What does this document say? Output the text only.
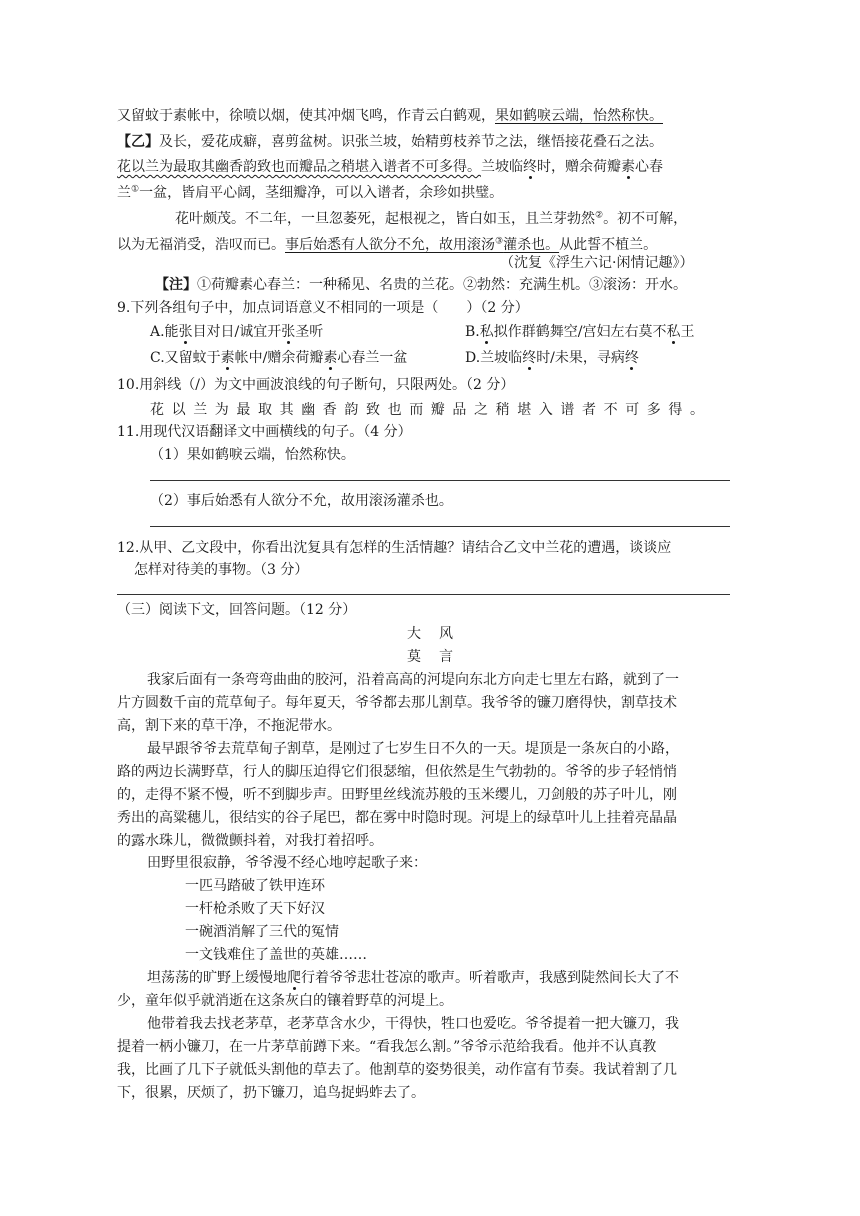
又留蚊于素帐中，徐喷以烟，使其冲烟飞鸣，作青云白鹤观，果如鹤唳云端，怡然称快。
【乙】及长，爱花成癖，喜剪盆树。识张兰坡，始精剪枝养节之法，继悟接花叠石之法。
花以兰为最取其幽香韵致也而瓣品之稍堪入谱者不可多得。兰坡临终时，赠余荷瓣素心春
兰①一盆，皆肩平心阔，茎细瓣净，可以入谱者，余珍如拱璧。
花叶颇茂。不二年，一旦忽萎死，起根视之，皆白如玉，且兰芽勃然②。初不可解，
以为无福消受，浩叹而已。事后始悉有人欲分不允，故用滚汤③灌杀也。从此誓不植兰。
（沈复《浮生六记·闲情记趣》）
【注】①荷瓣素心春兰：一种稀见、名贵的兰花。②勃然：充满生机。③滚汤：开水。
9.下列各组句子中，加点词语意义不相同的一项是（　　）（2 分）
A.能张目对日/诚宜开张圣听	B.私拟作群鹤舞空/宫妇左右莫不私王
C.又留蚊于素帐中/赠余荷瓣素心春兰一盆	D.兰坡临终时/未果，寻病终
10.用斜线（/）为文中画波浪线的句子断句，只限两处。（2 分）
花以兰为最取其幽香韵致也而瓣品之稍堪入谱者不可多得。
11.用现代汉语翻译文中画横线的句子。（4 分）
（1）果如鹤唳云端，怡然称快。
（2）事后始悉有人欲分不允，故用滚汤灌杀也。
12.从甲、乙文段中，你看出沈复具有怎样的生活情趣？请结合乙文中兰花的遭遇，谈谈应
怎样对待美的事物。（3 分）
（三）阅读下文，回答问题。（12 分）
大风
莫言
我家后面有一条弯弯曲曲的胶河，沿着高高的河堤向东北方向走七里左右路，就到了一
片方圆数千亩的荒草甸子。每年夏天，爷爷都去那儿割草。我爷爷的镰刀磨得快，割草技术
高，割下来的草干净，不拖泥带水。
最早跟爷爷去荒草甸子割草，是刚过了七岁生日不久的一天。堤顶是一条灰白的小路，
路的两边长满野草，行人的脚压迫得它们很瑟缩，但依然是生气勃勃的。爷爷的步子轻悄悄
的，走得不紧不慢，听不到脚步声。田野里丝线流苏般的玉米缨儿，刀剑般的苏子叶儿，刚
秀出的高粱穗儿，很结实的谷子尾巴，都在雾中时隐时现。河堤上的绿草叶儿上挂着亮晶晶
的露水珠儿，微微颤抖着，对我打着招呼。
田野里很寂静，爷爷漫不经心地哼起歌子来：
一匹马踏破了铁甲连环
一杆枪杀败了天下好汉
一碗酒消解了三代的冤情
一文钱难住了盖世的英雄……
坦荡荡的旷野上缓慢地爬行着爷爷悲壮苍凉的歌声。听着歌声，我感到陡然间长大了不
少，童年似乎就消逝在这条灰白的镶着野草的河堤上。
他带着我去找老茅草，老茅草含水少，干得快，牲口也爱吃。爷爷提着一把大镰刀，我
提着一柄小镰刀，在一片茅草前蹲下来。“看我怎么割。”爷爷示范给我看。他并不认真教
我，比画了几下子就低头割他的草去了。他割草的姿势很美，动作富有节奏。我试着割了几
下，很累，厌烦了，扔下镰刀，追鸟捉蚂蚱去了。
